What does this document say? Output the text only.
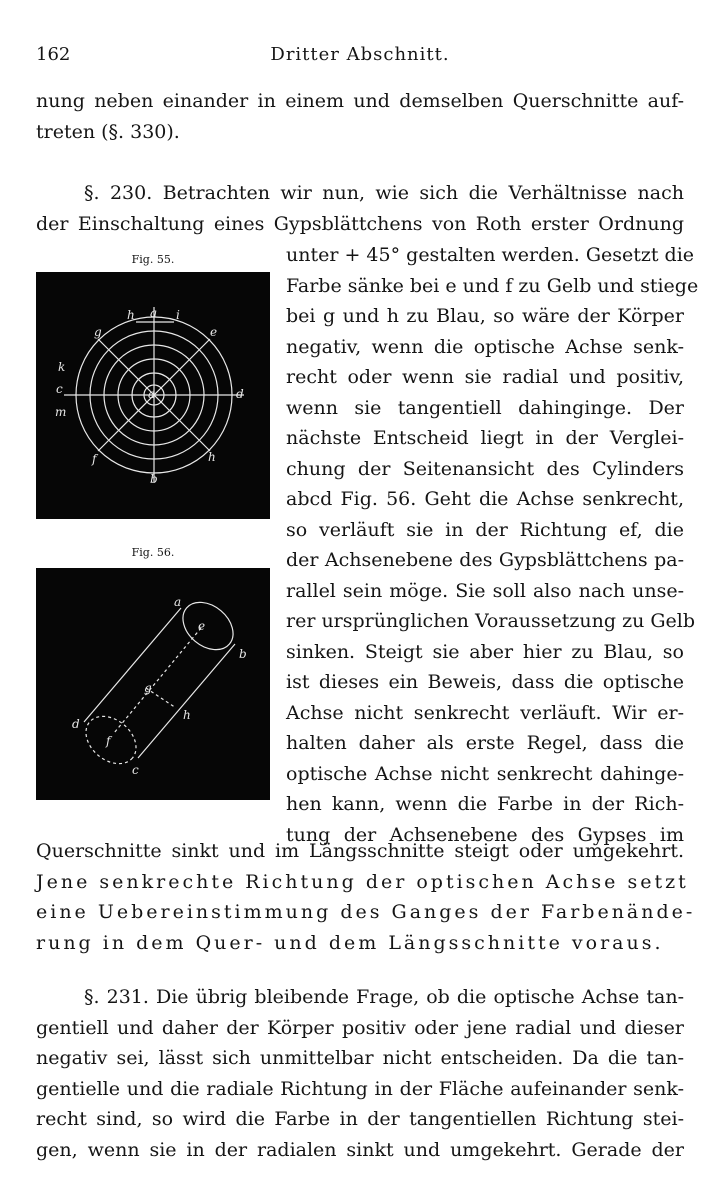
162	Dritter Abschnitt.
nung neben einander in einem und demselben Querschnitte auf-
treten (§. 330).
§. 230. Betrachten wir nun, wie sich die Verhältnisse nach
der Einschaltung eines Gypsblättchens von Roth erster Ordnung
unter + 45° gestalten werden. Gesetzt die
Farbe sänke bei e und f zu Gelb und stiege
bei g und h zu Blau, so wäre der Körper
negativ, wenn die optische Achse senk-
recht oder wenn sie radial und positiv,
wenn sie tangentiell dahinginge. Der
nächste Entscheid liegt in der Verglei-
chung der Seitenansicht des Cylinders
abcd Fig. 56. Geht die Achse senkrecht,
so verläuft sie in der Richtung ef, die
der Achsenebene des Gypsblättchens pa-
rallel sein möge. Sie soll also nach unse-
rer ursprünglichen Voraussetzung zu Gelb
sinken. Steigt sie aber hier zu Blau, so
ist dieses ein Beweis, dass die optische
Achse nicht senkrecht verläuft. Wir er-
halten daher als erste Regel, dass die
optische Achse nicht senkrecht dahinge-
hen kann, wenn die Farbe in der Rich-
tung der Achsenebene des Gypses im
Fig. 55.
h a i
g	e
k
c
m
d
a
f	h
b
Fig. 56.
a
e
b
g
h
d
f
c
Querschnitte sinkt und im Längsschnitte steigt oder umgekehrt.
Jene senkrechte Richtung der optischen Achse setzt
eine Uebereinstimmung des Ganges der Farbenände-
rung in dem Quer- und dem Längsschnitte voraus.
§. 231. Die übrig bleibende Frage, ob die optische Achse tan-
gentiell und daher der Körper positiv oder jene radial und dieser
negativ sei, lässt sich unmittelbar nicht entscheiden. Da die tan-
gentielle und die radiale Richtung in der Fläche aufeinander senk-
recht sind, so wird die Farbe in der tangentiellen Richtung stei-
gen, wenn sie in der radialen sinkt und umgekehrt. Gerade der
